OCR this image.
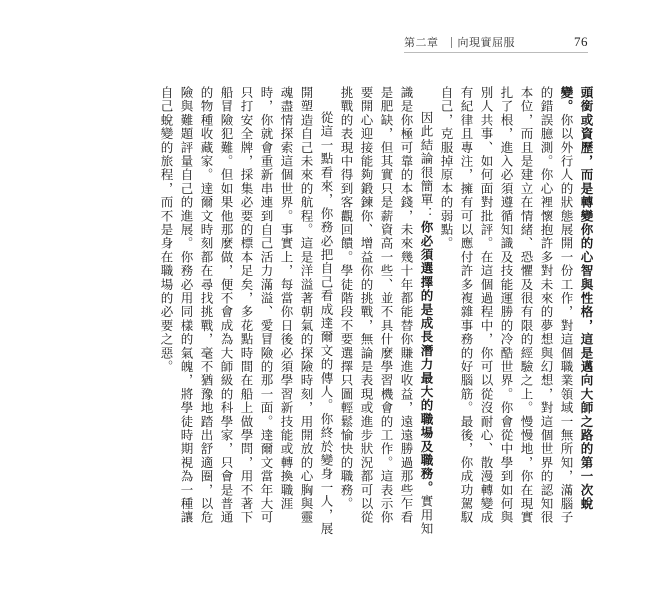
第二章 向現實屈服	76

頭銜或資歷，而是轉變你的心智與性格，這是邁向大師之路的第一次蛻變。你以外行人的狀態展開一份工作，對這個職業領域一無所知，滿腦子的錯誤臆測。你心裡懷抱許多對未來的夢想與幻想，對這個世界的認知很本位，而且是建立在情緒、恐懼及很有限的經驗之上。慢慢地，你在現實扎了根，進入必須遵循知識及技能運勝的冷酷世界。你會從中學到如何與別人共事、如何面對批評。在這個過程中，你可以從沒耐心、散漫轉變成有紀律且專注，擁有可以應付許多複雜事務的好腦筋。最後，你成功駕馭自己，克服掉原本的弱點。

因此結論很簡單：你必須選擇的是成長潛力最大的職場及職務。實用知識是你極可靠的本錢，未來幾十年都能替你賺進收益，遠遠勝過那些乍看是肥缺，但其實只是薪資高一些、並不具什麼學習機會的工作。這表示你要開心迎接能夠鍛鍊你、增益你的挑戰，無論是表現或進步狀況都可以從挑戰的表現中得到客觀回饋。學徒階段不要選擇只圖輕鬆愉快的職務。

從這一點看來，你務必把自己看成達爾文的傳人。你終於變身一人，展開塑造自己未來的航程。這是洋溢著朝氣的探險時刻，用開放的心胸與靈魂盡情探索這個世界。事實上，每當你日後必須學習新技能或轉換職涯時，你就會重新串連到自己活力滿溢、愛冒險的那一面。達爾文當年大可只打安全牌，採集必要的標本足矣，多花點時間在船上做學問，用不著下船冒險犯難。但如果他那麼做，便不會成為大師級的科學家，只會是普通的物種收藏家。達爾文時刻都在尋找挑戰，毫不猶豫地踏出舒適圈，以危險與難題評量自己的進展。你務必用同樣的氣魄，將學徒時期視為一種讓自己蛻變的旅程，而不是身在職場的必要之惡。
